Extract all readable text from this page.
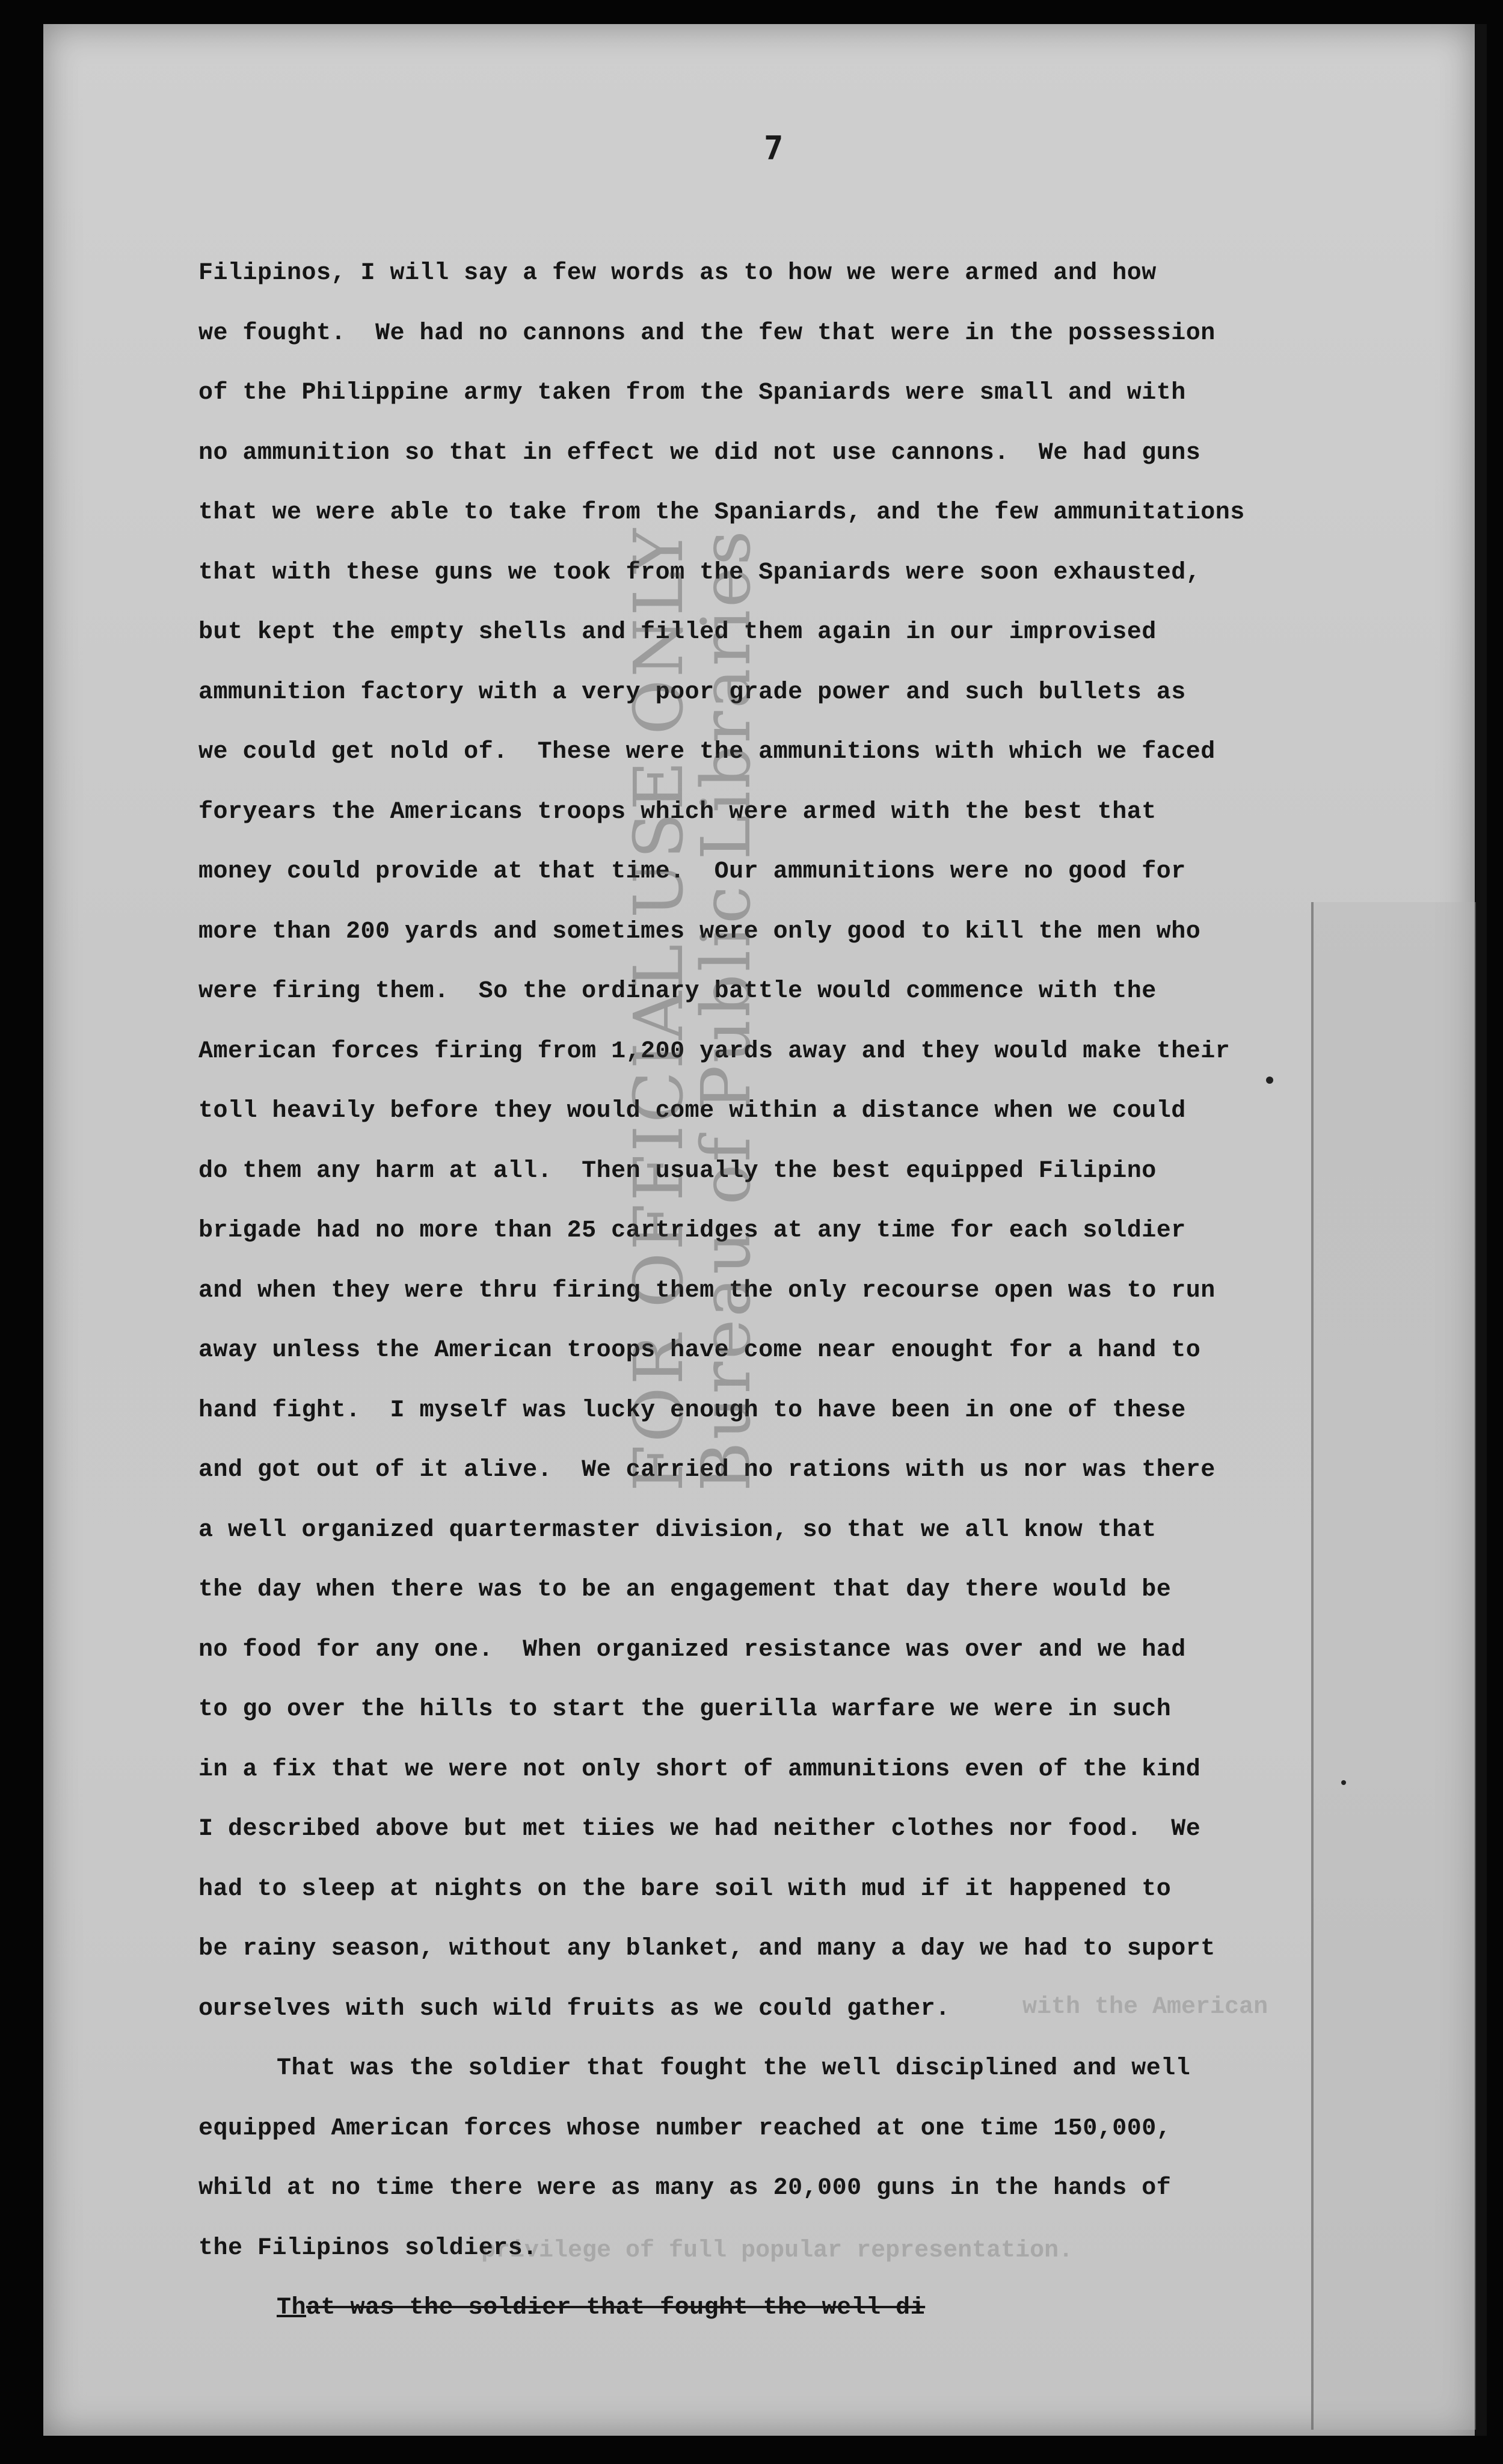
7
with the American
privilege of full popular representation.
Filipinos, I will say a few words as to how we were armed and how
we fought.  We had no cannons and the few that were in the possession
of the Philippine army taken from the Spaniards were small and with
no ammunition so that in effect we did not use cannons.  We had guns
that we were able to take from the Spaniards, and the few ammunitations
that with these guns we took from the Spaniards were soon exhausted,
but kept the empty shells and filled them again in our improvised
ammunition factory with a very poor grade power and such bullets as
we could get nold of.  These were the ammunitions with which we faced
foryears the Americans troops which were armed with the best that
money could provide at that time.  Our ammunitions were no good for
more than 200 yards and sometimes were only good to kill the men who
were firing them.  So the ordinary battle would commence with the
American forces firing from 1,200 yards away and they would make their
toll heavily before they would come within a distance when we could
do them any harm at all.  Then usually the best equipped Filipino
brigade had no more than 25 cartridges at any time for each soldier
and when they were thru firing them the only recourse open was to run
away unless the American troops have come near enought for a hand to
hand fight.  I myself was lucky enough to have been in one of these
and got out of it alive.  We carried no rations with us nor was there
a well organized quartermaster division, so that we all know that
the day when there was to be an engagement that day there would be
no food for any one.  When organized resistance was over and we had
to go over the hills to start the guerilla warfare we were in such
in a fix that we were not only short of ammunitions even of the kind
I described above but met tiies we had neither clothes nor food.  We
had to sleep at nights on the bare soil with mud if it happened to
be rainy season, without any blanket, and many a day we had to suport
ourselves with such wild fruits as we could gather.
That was the soldier that fought the well disciplined and well
equipped American forces whose number reached at one time 150,000,
whild at no time there were as many as 20,000 guns in the hands of
the Filipinos soldiers.
That was the soldier that fought the well di
FOR OFFICIAL USE ONLY
Bureau of Public Libraries
